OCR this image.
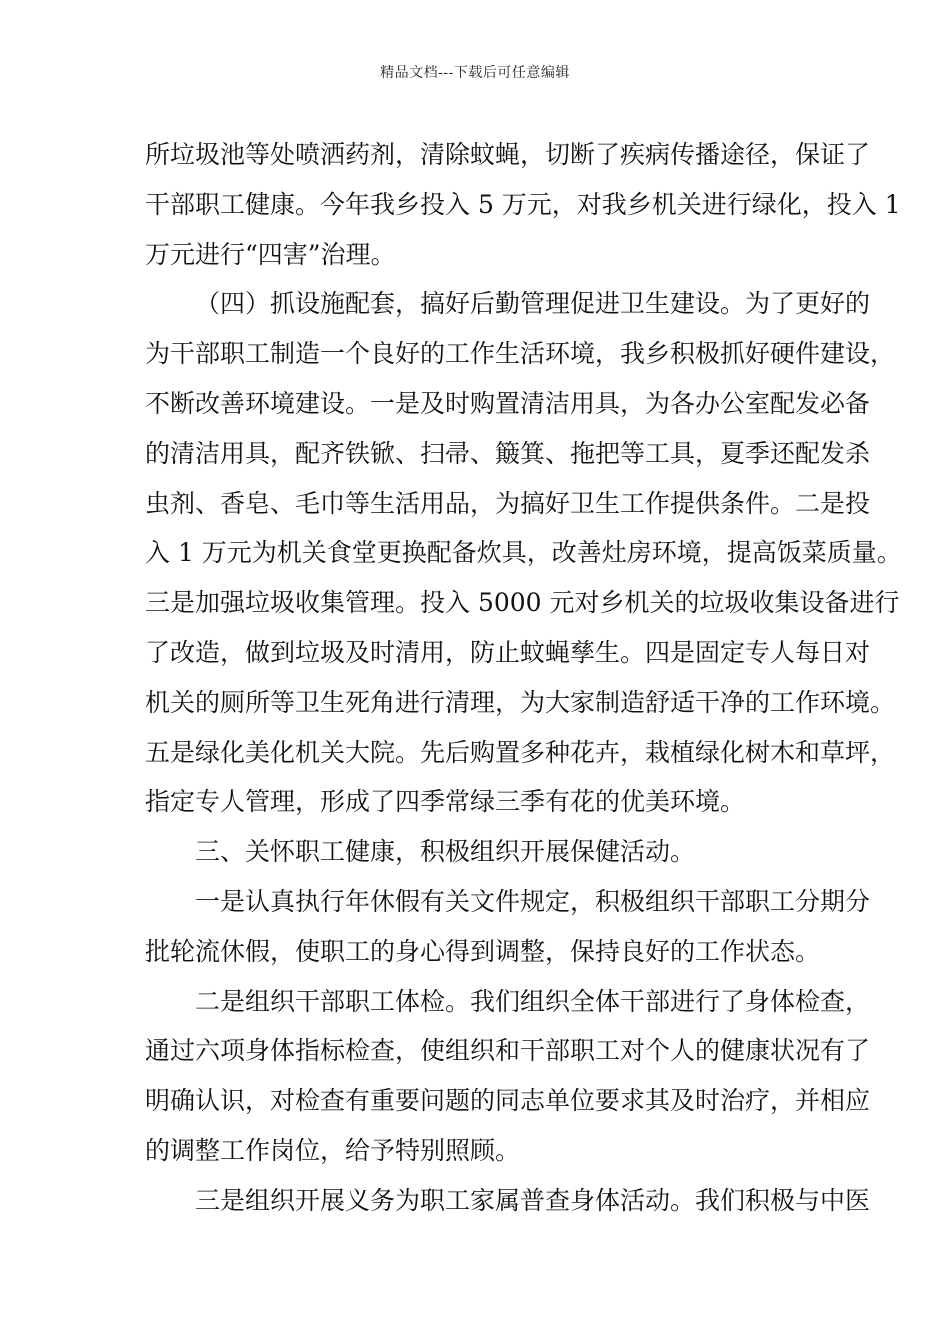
精品文档---下载后可任意编辑
所垃圾池等处喷洒药剂，清除蚊蝇，切断了疾病传播途径，保证了
干部职工健康。今年我乡投入 5 万元，对我乡机关进行绿化，投入 1
万元进行“四害”治理。
（四）抓设施配套，搞好后勤管理促进卫生建设。为了更好的
为干部职工制造一个良好的工作生活环境，我乡积极抓好硬件建设，
不断改善环境建设。一是及时购置清洁用具，为各办公室配发必备
的清洁用具，配齐铁锨、扫帚、簸箕、拖把等工具，夏季还配发杀
虫剂、香皂、毛巾等生活用品，为搞好卫生工作提供条件。二是投
入 1 万元为机关食堂更换配备炊具，改善灶房环境，提高饭菜质量。
三是加强垃圾收集管理。投入 5000 元对乡机关的垃圾收集设备进行
了改造，做到垃圾及时清用，防止蚊蝇孳生。四是固定专人每日对
机关的厕所等卫生死角进行清理，为大家制造舒适干净的工作环境。
五是绿化美化机关大院。先后购置多种花卉，栽植绿化树木和草坪，
指定专人管理，形成了四季常绿三季有花的优美环境。
三、关怀职工健康，积极组织开展保健活动。
一是认真执行年休假有关文件规定，积极组织干部职工分期分
批轮流休假，使职工的身心得到调整，保持良好的工作状态。
二是组织干部职工体检。我们组织全体干部进行了身体检查，
通过六项身体指标检查，使组织和干部职工对个人的健康状况有了
明确认识，对检查有重要问题的同志单位要求其及时治疗，并相应
的调整工作岗位，给予特别照顾。
三是组织开展义务为职工家属普查身体活动。我们积极与中医
